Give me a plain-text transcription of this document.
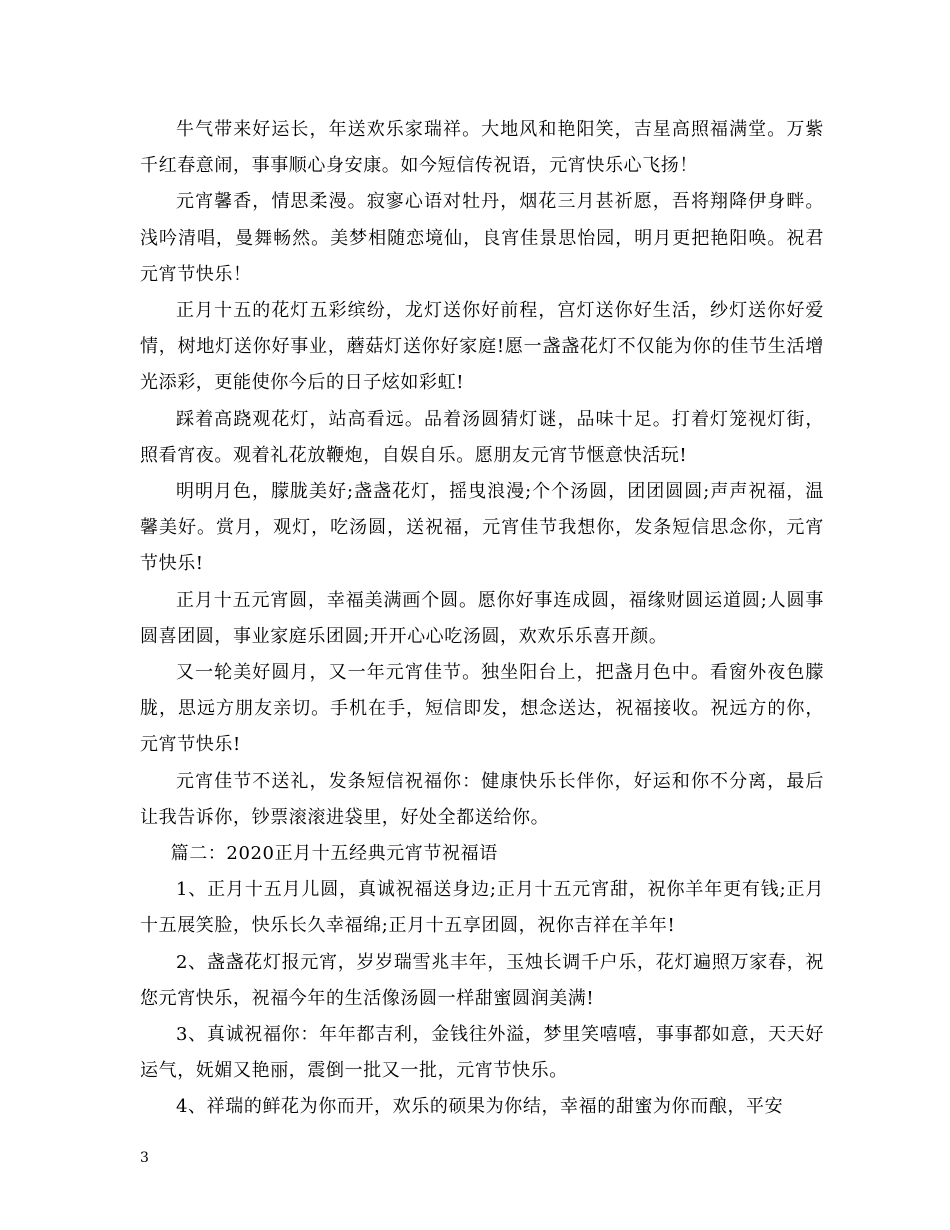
牛气带来好运长，年送欢乐家瑞祥。大地风和艳阳笑，吉星高照福满堂。万紫千红春意闹，事事顺心身安康。如今短信传祝语，元宵快乐心飞扬！

元宵馨香，情思柔漫。寂寥心语对牡丹，烟花三月甚祈愿，吾将翔降伊身畔。浅吟清唱，曼舞畅然。美梦相随恋境仙，良宵佳景思怡园，明月更把艳阳唤。祝君元宵节快乐！

正月十五的花灯五彩缤纷，龙灯送你好前程，宫灯送你好生活，纱灯送你好爱情，树地灯送你好事业，蘑菇灯送你好家庭!愿一盏盏花灯不仅能为你的佳节生活增光添彩，更能使你今后的日子炫如彩虹!

踩着高跷观花灯，站高看远。品着汤圆猜灯谜，品味十足。打着灯笼视灯街，照看宵夜。观着礼花放鞭炮，自娱自乐。愿朋友元宵节惬意快活玩!

明明月色，朦胧美好;盏盏花灯，摇曳浪漫;个个汤圆，团团圆圆;声声祝福，温馨美好。赏月，观灯，吃汤圆，送祝福，元宵佳节我想你，发条短信思念你，元宵节快乐!

正月十五元宵圆，幸福美满画个圆。愿你好事连成圆，福缘财圆运道圆;人圆事圆喜团圆，事业家庭乐团圆;开开心心吃汤圆，欢欢乐乐喜开颜。

又一轮美好圆月，又一年元宵佳节。独坐阳台上，把盏月色中。看窗外夜色朦胧，思远方朋友亲切。手机在手，短信即发，想念送达，祝福接收。祝远方的你，元宵节快乐!

元宵佳节不送礼，发条短信祝福你：健康快乐长伴你，好运和你不分离，最后让我告诉你，钞票滚滚进袋里，好处全都送给你。

篇二：2020正月十五经典元宵节祝福语

1、正月十五月儿圆，真诚祝福送身边;正月十五元宵甜，祝你羊年更有钱;正月十五展笑脸，快乐长久幸福绵;正月十五享团圆，祝你吉祥在羊年!

2、盏盏花灯报元宵，岁岁瑞雪兆丰年，玉烛长调千户乐，花灯遍照万家春，祝您元宵快乐，祝福今年的生活像汤圆一样甜蜜圆润美满!

3、真诚祝福你：年年都吉利，金钱往外溢，梦里笑嘻嘻，事事都如意，天天好运气，妩媚又艳丽，震倒一批又一批，元宵节快乐。

4、祥瑞的鲜花为你而开，欢乐的硕果为你结，幸福的甜蜜为你而酿，平安

3
